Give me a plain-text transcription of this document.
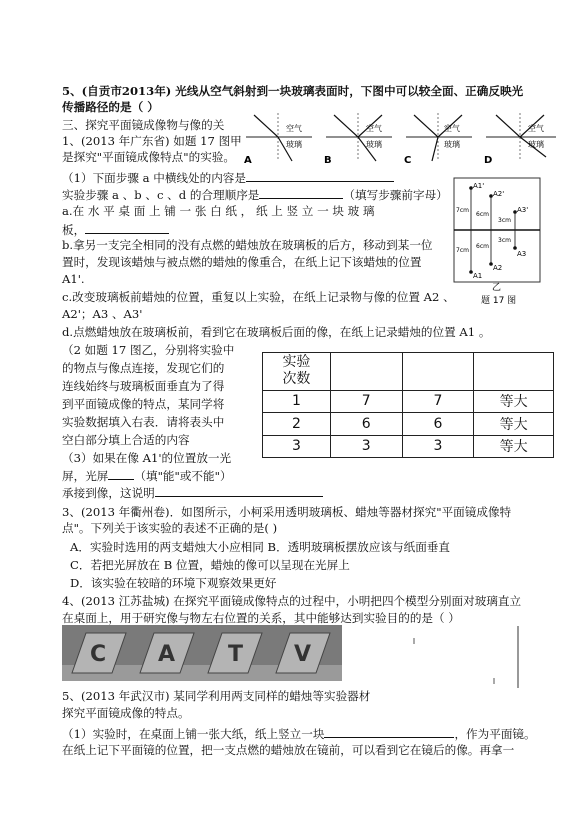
5、(自贡市2013年) 光线从空气斜射到一块玻璃表面时，下图中可以较全面、正确反映光
传播路径的是（ ）
三、探究平面镜成像物与像的关
1、(2013 年广东省) 如题 17 图甲
是探究"平面镜成像特点"的实验。
（1）下面步骤 a 中横线处的内容是
实验步骤 a 、b 、c 、d 的合理顺序是	（填写步骤前字母）
a.在 水 平 桌 面 上 铺 一 张 白 纸 ， 纸 上 竖 立 一 块 玻 璃
板，
b.拿另一支完全相同的没有点燃的蜡烛放在玻璃板的后方，移动到某一位
置时，发现该蜡烛与被点燃的蜡烛的像重合，在纸上记下该蜡烛的位置
A1'.
c.改变玻璃板前蜡烛的位置，重复以上实验，在纸上记录物与像的位置 A2 、
A2'；A3 、A3'
d.点燃蜡烛放在玻璃板前，看到它在玻璃板后面的像，在纸上记录蜡烛的位置 A1 。
（2 如题 17 图乙，分别将实验中
的物点与像点连接，发现它们的
连线始终与玻璃板面垂直为了得
到平面镜成像的特点，某同学将
实验数据填入右表．请将表头中
空白部分填上合适的内容
（3）如果在像 A1'的位置放一光
屏，光屏 （填"能"或不能"）
承接到像，这说明
3、(2013 年衢州卷)．如图所示，小柯采用透明玻璃板、蜡烛等器材探究"平面镜成像特
点"。下列关于该实验的表述不正确的是( )
A．实验时选用的两支蜡烛大小应相同 B．透明玻璃板摆放应该与纸面垂直
C．若把光屏放在 B 位置，蜡烛的像可以呈现在光屏上
D．该实验在较暗的环境下观察效果更好
4、(2013 江苏盐城) 在探究平面镜成像特点的过程中，小明把四个模型分别面对玻璃直立
在桌面上，用于研究像与物左右位置的关系，其中能够达到实验目的的是（ ）
5、(2013 年武汉市) 某同学利用两支同样的蜡烛等实验器材
探究平面镜成像的特点。
（1）实验时，在桌面上铺一张大纸，纸上竖立一块	，作为平面镜。
在纸上记下平面镜的位置，把一支点燃的蜡烛放在镜前，可以看到它在镜后的像。再拿一
空气
玻璃
A
空气
玻璃
B
空气
玻璃
C
空气
玻璃
D
A1'
A2'
A3'
A1
A2
A3
7cm
6cm
3cm
3cm
6cm
7cm
乙
题 17 图
实验
次数			
1	7	7	等大
2	6	6	等大
3	3	3	等大
C A T V
